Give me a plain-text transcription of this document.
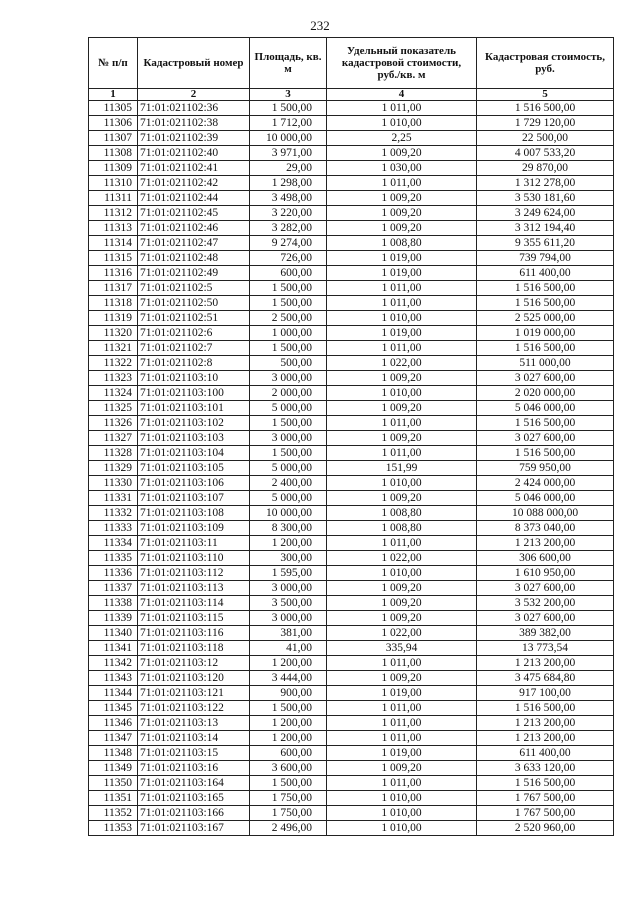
232
№ п/п	Кадастровый номер	Площадь, кв. м	Удельный показатель кадастровой стоимости, руб./кв. м	Кадастровая стоимость, руб.
1	2	3	4	5
11305	71:01:021102:36	1 500,00	1 011,00	1 516 500,00
11306	71:01:021102:38	1 712,00	1 010,00	1 729 120,00
11307	71:01:021102:39	10 000,00	2,25	22 500,00
11308	71:01:021102:40	3 971,00	1 009,20	4 007 533,20
11309	71:01:021102:41	29,00	1 030,00	29 870,00
11310	71:01:021102:42	1 298,00	1 011,00	1 312 278,00
11311	71:01:021102:44	3 498,00	1 009,20	3 530 181,60
11312	71:01:021102:45	3 220,00	1 009,20	3 249 624,00
11313	71:01:021102:46	3 282,00	1 009,20	3 312 194,40
11314	71:01:021102:47	9 274,00	1 008,80	9 355 611,20
11315	71:01:021102:48	726,00	1 019,00	739 794,00
11316	71:01:021102:49	600,00	1 019,00	611 400,00
11317	71:01:021102:5	1 500,00	1 011,00	1 516 500,00
11318	71:01:021102:50	1 500,00	1 011,00	1 516 500,00
11319	71:01:021102:51	2 500,00	1 010,00	2 525 000,00
11320	71:01:021102:6	1 000,00	1 019,00	1 019 000,00
11321	71:01:021102:7	1 500,00	1 011,00	1 516 500,00
11322	71:01:021102:8	500,00	1 022,00	511 000,00
11323	71:01:021103:10	3 000,00	1 009,20	3 027 600,00
11324	71:01:021103:100	2 000,00	1 010,00	2 020 000,00
11325	71:01:021103:101	5 000,00	1 009,20	5 046 000,00
11326	71:01:021103:102	1 500,00	1 011,00	1 516 500,00
11327	71:01:021103:103	3 000,00	1 009,20	3 027 600,00
11328	71:01:021103:104	1 500,00	1 011,00	1 516 500,00
11329	71:01:021103:105	5 000,00	151,99	759 950,00
11330	71:01:021103:106	2 400,00	1 010,00	2 424 000,00
11331	71:01:021103:107	5 000,00	1 009,20	5 046 000,00
11332	71:01:021103:108	10 000,00	1 008,80	10 088 000,00
11333	71:01:021103:109	8 300,00	1 008,80	8 373 040,00
11334	71:01:021103:11	1 200,00	1 011,00	1 213 200,00
11335	71:01:021103:110	300,00	1 022,00	306 600,00
11336	71:01:021103:112	1 595,00	1 010,00	1 610 950,00
11337	71:01:021103:113	3 000,00	1 009,20	3 027 600,00
11338	71:01:021103:114	3 500,00	1 009,20	3 532 200,00
11339	71:01:021103:115	3 000,00	1 009,20	3 027 600,00
11340	71:01:021103:116	381,00	1 022,00	389 382,00
11341	71:01:021103:118	41,00	335,94	13 773,54
11342	71:01:021103:12	1 200,00	1 011,00	1 213 200,00
11343	71:01:021103:120	3 444,00	1 009,20	3 475 684,80
11344	71:01:021103:121	900,00	1 019,00	917 100,00
11345	71:01:021103:122	1 500,00	1 011,00	1 516 500,00
11346	71:01:021103:13	1 200,00	1 011,00	1 213 200,00
11347	71:01:021103:14	1 200,00	1 011,00	1 213 200,00
11348	71:01:021103:15	600,00	1 019,00	611 400,00
11349	71:01:021103:16	3 600,00	1 009,20	3 633 120,00
11350	71:01:021103:164	1 500,00	1 011,00	1 516 500,00
11351	71:01:021103:165	1 750,00	1 010,00	1 767 500,00
11352	71:01:021103:166	1 750,00	1 010,00	1 767 500,00
11353	71:01:021103:167	2 496,00	1 010,00	2 520 960,00
